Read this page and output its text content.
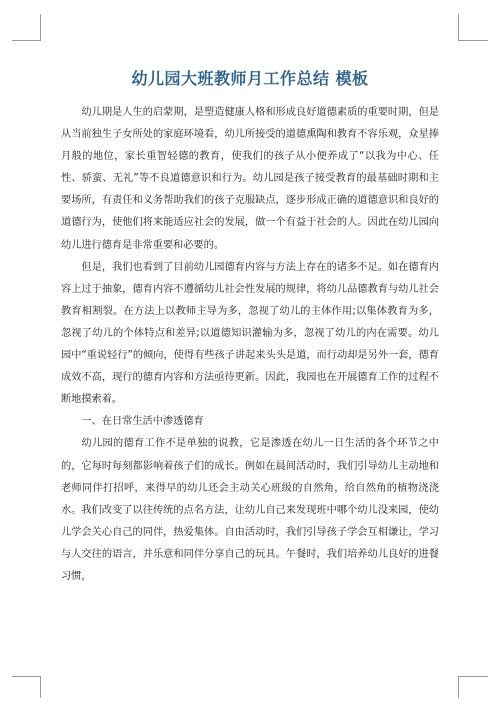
幼儿园大班教师月工作总结 模板

幼儿期是人生的启蒙期，是塑造健康人格和形成良好道德素质的重要时期，但是从当前独生子女所处的家庭环境看，幼儿所接受的道德熏陶和教育不容乐观，众星捧月般的地位，家长重智轻德的教育，使我们的孩子从小便养成了“以我为中心、任性、骄蛮、无礼”等不良道德意识和行为。幼儿园是孩子接受教育的最基础时期和主要场所，有责任和义务帮助我们的孩子克服缺点，逐步形成正确的道德意识和良好的道德行为，使他们将来能适应社会的发展，做一个有益于社会的人。因此在幼儿园向幼儿进行德育是非常重要和必要的。

但是，我们也看到了目前幼儿园德育内容与方法上存在的诸多不足。如在德育内容上过于抽象，德育内容不遵循幼儿社会性发展的规律，将幼儿品德教育与幼儿社会教育相割裂。在方法上以教师主导为多，忽视了幼儿的主体作用;以集体教育为多，忽视了幼儿的个体特点和差异;以道德知识灌输为多，忽视了幼儿的内在需要。幼儿园中“重说轻行”的倾向，使得有些孩子讲起来头头是道，而行动却是另外一套，德育成效不高，现行的德育内容和方法亟待更新。因此，我园也在开展德育工作的过程不断地摸索着。

一、在日常生活中渗透德育

幼儿园的德育工作不是单独的说教，它是渗透在幼儿一日生活的各个环节之中的，它每时每刻都影响着孩子们的成长。例如在晨间活动时，我们引导幼儿主动地和老师同伴打招呼，来得早的幼儿还会主动关心班级的自然角，给自然角的植物浇浇水。我们改变了以往传统的点名方法，让幼儿自己来发现班中哪个幼儿没来园，使幼儿学会关心自己的同伴，热爱集体。自由活动时，我们引导孩子学会互相谦让，学习与人交往的语言，并乐意和同伴分享自己的玩具。午餐时，我们培养幼儿良好的进餐习惯，
